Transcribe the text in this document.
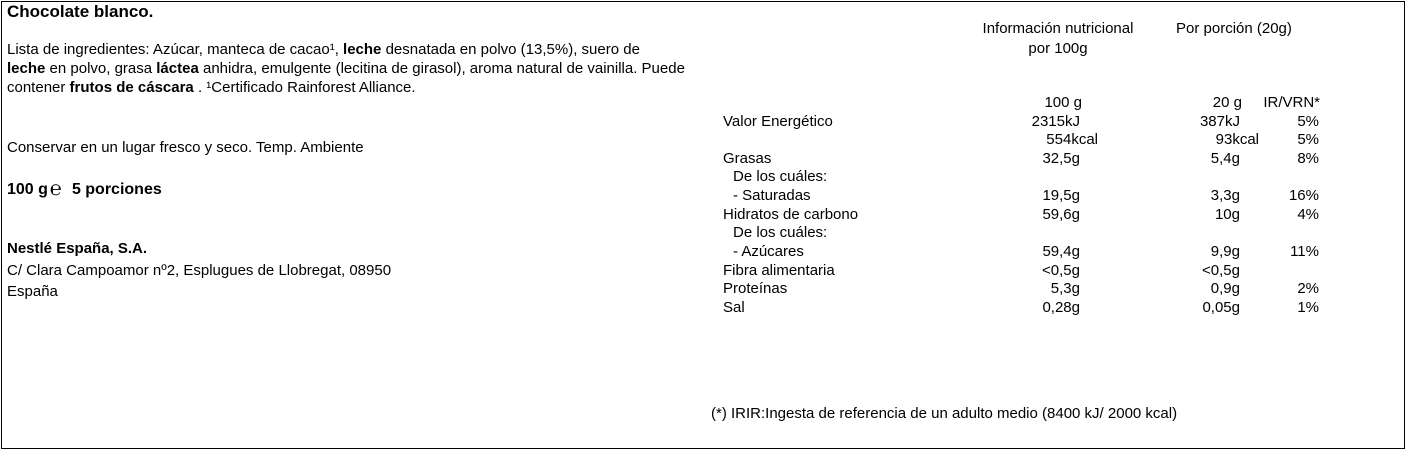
Chocolate blanco.
Lista de ingredientes: Azúcar, manteca de cacao¹, leche desnatada en polvo (13,5%), suero de
leche en polvo, grasa láctea anhidra, emulgente (lecitina de girasol), aroma natural de vainilla. Puede contener frutos de cáscara . ¹Certificado Rainforest Alliance.
Conservar en un lugar fresco y seco. Temp. Ambiente
100 g ℮ 5 porciones
Nestlé España, S.A.
C/ Clara Campoamor nº2, Esplugues de Llobregat, 08950
España
Información nutricional
por 100g
Por porción (20g)
100 g	20 g	IR/VRN*
Valor Energético	2315kJ	387kJ	5%
554kcal	93kcal	5%
Grasas	32,5g	5,4g	8%
De los cuáles:
- Saturadas	19,5g	3,3g	16%
Hidratos de carbono	59,6g	10g	4%
De los cuáles:
- Azúcares	59,4g	9,9g	11%
Fibra alimentaria	<0,5g	<0,5g
Proteínas	5,3g	0,9g	2%
Sal	0,28g	0,05g	1%
(*) IRIR:Ingesta de referencia de un adulto medio (8400 kJ/ 2000 kcal)
